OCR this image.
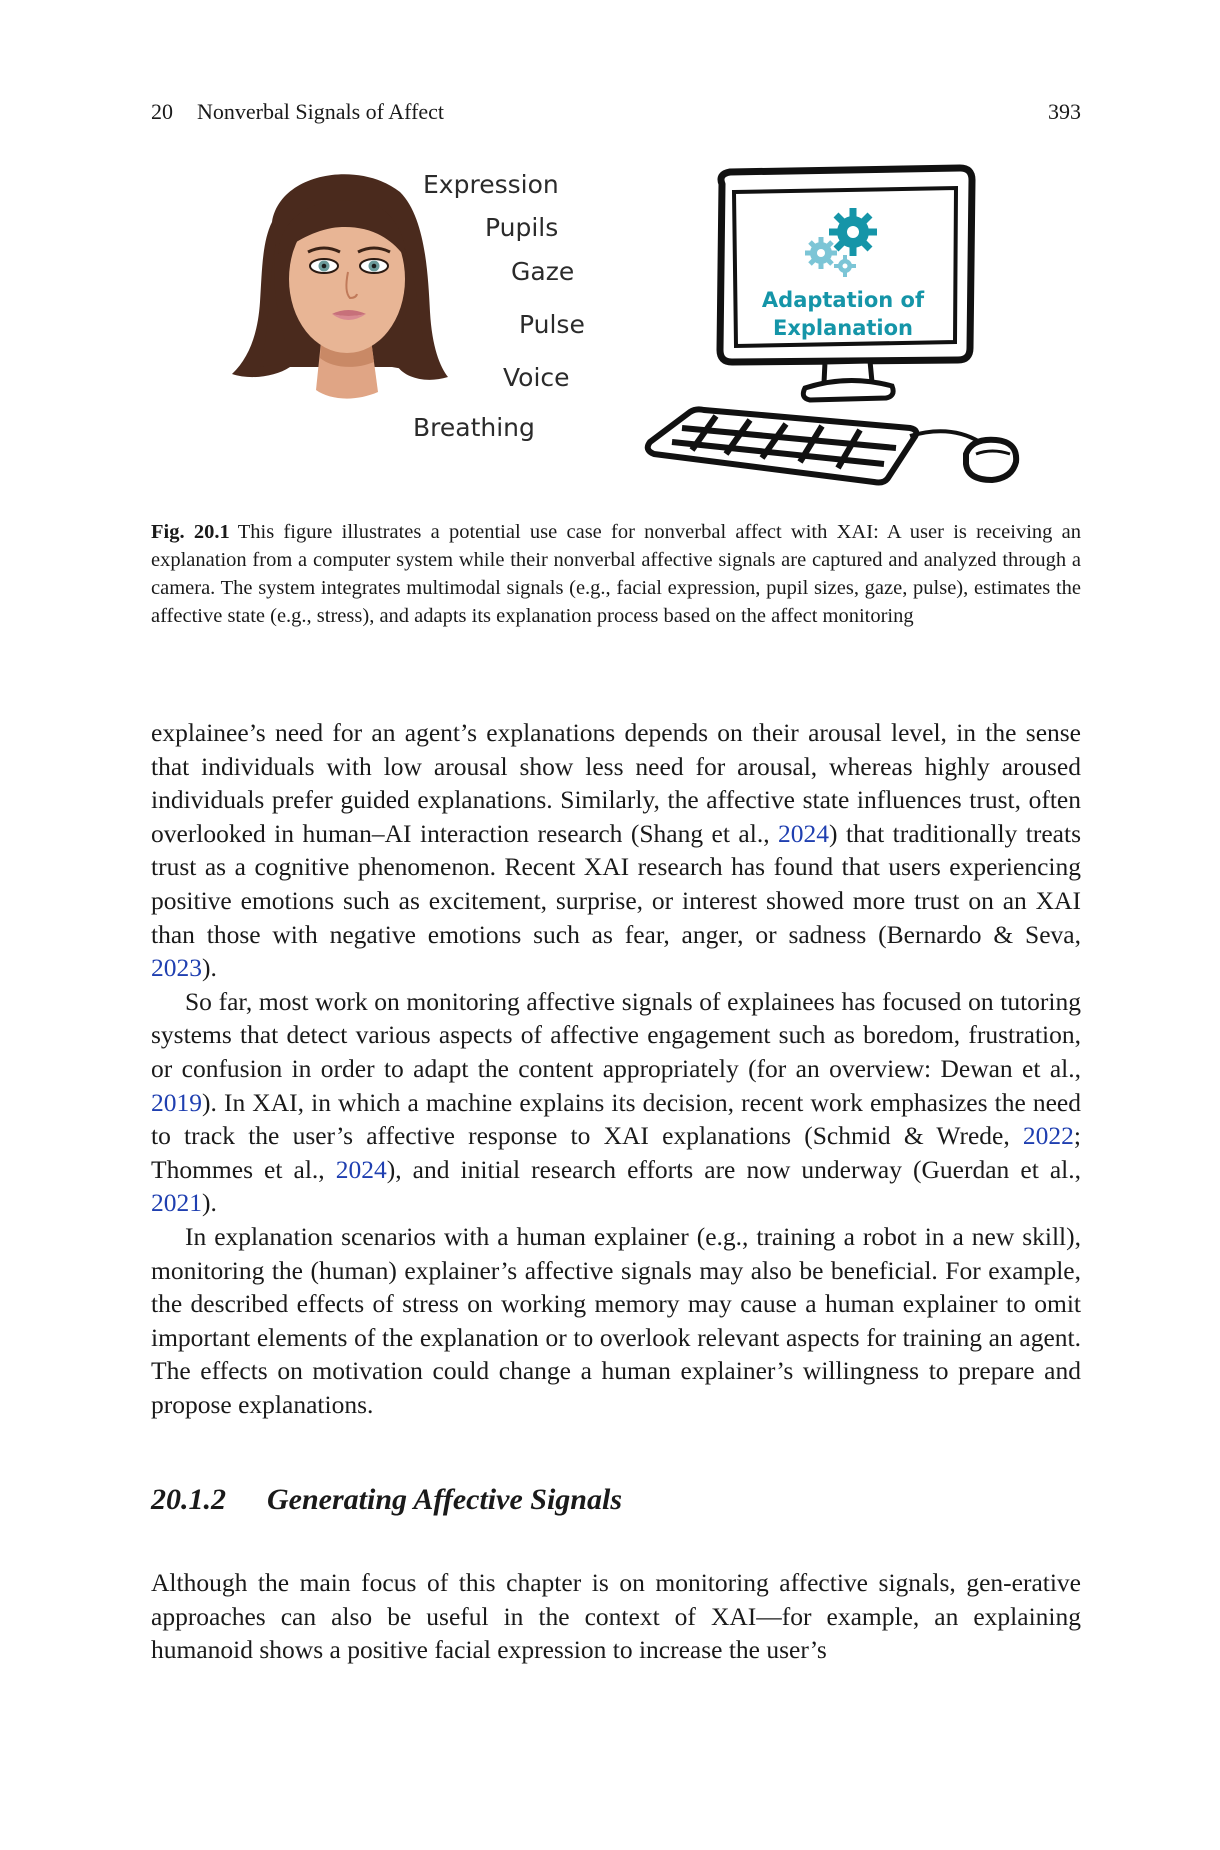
20 Nonverbal Signals of Affect	393
Expression
Pupils
Gaze
Pulse
Voice
Breathing
Adaptation of
Explanation
Fig. 20.1 This figure illustrates a potential use case for nonverbal affect with XAI: A user is receiving an explanation from a computer system while their nonverbal affective signals are captured and analyzed through a camera. The system integrates multimodal signals (e.g., facial expression, pupil sizes, gaze, pulse), estimates the affective state (e.g., stress), and adapts its explanation process based on the affect monitoring

explainee’s need for an agent’s explanations depends on their arousal level, in the sense that individuals with low arousal show less need for arousal, whereas highly aroused individuals prefer guided explanations. Similarly, the affective state influences trust, often overlooked in human–AI interaction research (Shang et al., 2024) that traditionally treats trust as a cognitive phenomenon. Recent XAI research has found that users experiencing positive emotions such as excitement, surprise, or interest showed more trust on an XAI than those with negative emotions such as fear, anger, or sadness (Bernardo & Seva, 2023).

So far, most work on monitoring affective signals of explainees has focused on tutoring systems that detect various aspects of affective engagement such as boredom, frustration, or confusion in order to adapt the content appropriately (for an overview: Dewan et al., 2019). In XAI, in which a machine explains its decision, recent work emphasizes the need to track the user’s affective response to XAI explanations (Schmid & Wrede, 2022; Thommes et al., 2024), and initial research efforts are now underway (Guerdan et al., 2021).

In explanation scenarios with a human explainer (e.g., training a robot in a new skill), monitoring the (human) explainer’s affective signals may also be beneficial. For example, the described effects of stress on working memory may cause a human explainer to omit important elements of the explanation or to overlook relevant aspects for training an agent. The effects on motivation could change a human explainer’s willingness to prepare and propose explanations.

20.1.2 Generating Affective Signals

Although the main focus of this chapter is on monitoring affective signals, gen-erative approaches can also be useful in the context of XAI—for example, an explaining humanoid shows a positive facial expression to increase the user’s
